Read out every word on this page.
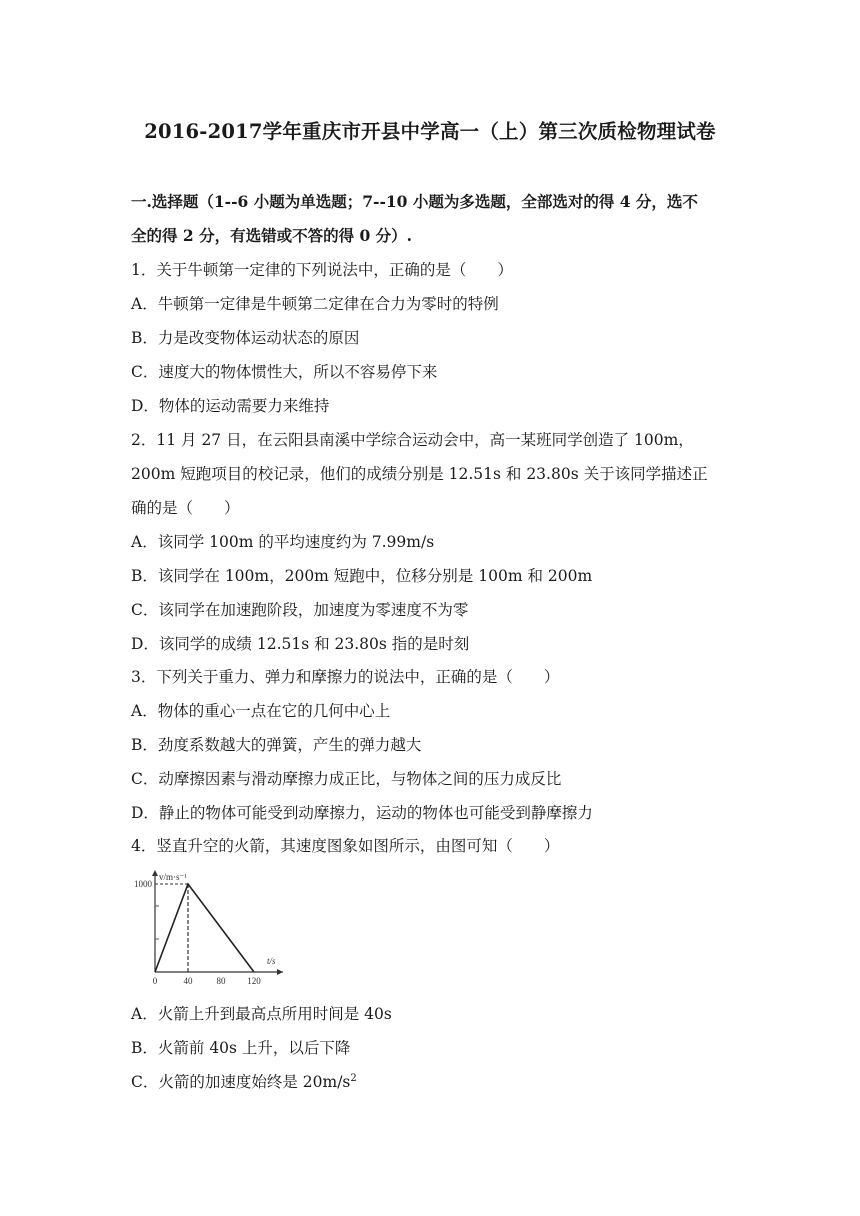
2016-2017学年重庆市开县中学高一（上）第三次质检物理试卷
一.选择题（1--6 小题为单选题；7--10 小题为多选题，全部选对的得 4 分，选不
全的得 2 分，有选错或不答的得 0 分）.
1．关于牛顿第一定律的下列说法中，正确的是（　　）
A．牛顿第一定律是牛顿第二定律在合力为零时的特例
B．力是改变物体运动状态的原因
C．速度大的物体惯性大，所以不容易停下来
D．物体的运动需要力来维持
2．11 月 27 日，在云阳县南溪中学综合运动会中，高一某班同学创造了 100m，
200m 短跑项目的校记录，他们的成绩分别是 12.51s 和 23.80s 关于该同学描述正
确的是（　　）
A．该同学 100m 的平均速度约为 7.99m/s
B．该同学在 100m，200m 短跑中，位移分别是 100m 和 200m
C．该同学在加速跑阶段，加速度为零速度不为零
D．该同学的成绩 12.51s 和 23.80s 指的是时刻
3．下列关于重力、弹力和摩擦力的说法中，正确的是（　　）
A．物体的重心一点在它的几何中心上
B．劲度系数越大的弹簧，产生的弹力越大
C．动摩擦因素与滑动摩擦力成正比，与物体之间的压力成反比
D．静止的物体可能受到动摩擦力，运动的物体也可能受到静摩擦力
4．竖直升空的火箭，其速度图象如图所示，由图可知（　　）
v/m·s⁻¹
t/s
0	40	80 120
1000
A．火箭上升到最高点所用时间是 40s
B．火箭前 40s 上升，以后下降
C．火箭的加速度始终是 $20m/s^2$
